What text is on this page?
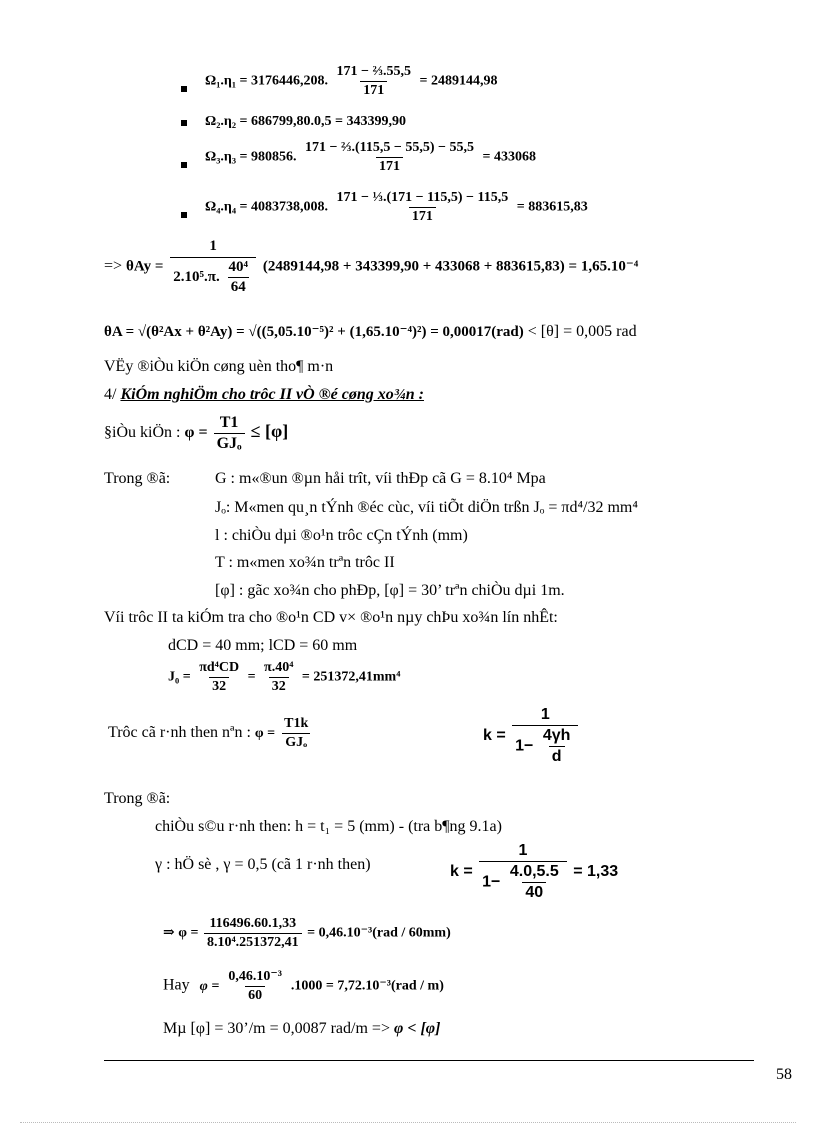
Ω₁.η₁ = 3176446,208. $\frac{\text{171 − ⅔.55,5}}{171} = 2489144,98$
Ω₂.η₂ = 686799,80.0,5 = 343399,90
Ω₃.η₃ = 980856. $\frac{\text{171 − ⅔.(115,5 − 55,5) − 55,5}}{171} = 433068$
Ω₄.η₄ = 4083738,008. $\frac{\text{171 − ⅓.(171 − 115,5) − 115,5}}{171} = 883615,83$
=> $\theta Ay = \frac{1}{2.10^5.\pi. \frac{\text{40⁴}}{64}} (2489144,98 + 343399,90 + 433068 + 883615,83) = 1,65.10^{-4}$
θA = √(θ²Ax + θ²Ay) = √((5,05.10⁻⁵)² + (1,65.10⁻⁴)²) = 0,00017(rad) < [θ] = 0,005 rad
VËy ®iÒu kiÖn cøng uèn tho¶ m·n
4/ KiÓm nghiÖm cho trôc II vÒ ®é cøng xo¾n :
§iÒu kiÖn : $\varphi = \frac{T1}{\text{GJₒ}} \le [\varphi]$
Trong ®ã:	G : m«®un ®µn håi trît, víi thÐp cã G = 8.10⁴ Mpa
Jₒ: M«men qu¸n tÝnh ®éc cùc, víi tiÕt diÖn trßn Jₒ = πd⁴/32 mm⁴
l : chiÒu dµi ®o¹n trôc cÇn tÝnh (mm)
T : m«men xo¾n trªn trôc II
[φ] : gãc xo¾n cho phÐp, [φ] = 30’ trªn chiÒu dµi 1m.
Víi trôc II ta kiÓm tra cho ®o¹n CD v× ®o¹n nµy chÞu xo¾n lín nhÊt:
dCD = 40 mm; lCD = 60 mm
$J_0 = \frac{\text{πd⁴CD}}{32} = \frac{\text{π.40⁴}}{32} = 251372,41mm^4$
Trôc cã r·nh then nªn : $\varphi = \frac{T1k}{\text{GJₒ}}$	$k = \frac{1}{1- \frac{4\gamma h}{d}}$
Trong ®ã:
chiÒu s©u r·nh then: h = t₁ = 5 (mm) - (tra b¶ng 9.1a)
γ : hÖ sè , γ = 0,5 (cã 1 r·nh then)	$k = \frac{1}{1- \frac{4.0,5.5}{40}} = 1,33$
⇒ $\varphi = \frac{116496.60.1,33}{\text{8.10⁴.251372,41}} = 0,46.10^{-3}(rad / 60mm)$
Hay $\varphi = \frac{\text{0,46.10⁻³}}{60} .1000 = 7,72.10^{-3}(rad / m)$
Mµ [φ] = 30’/m = 0,0087 rad/m => φ < [φ]
58
